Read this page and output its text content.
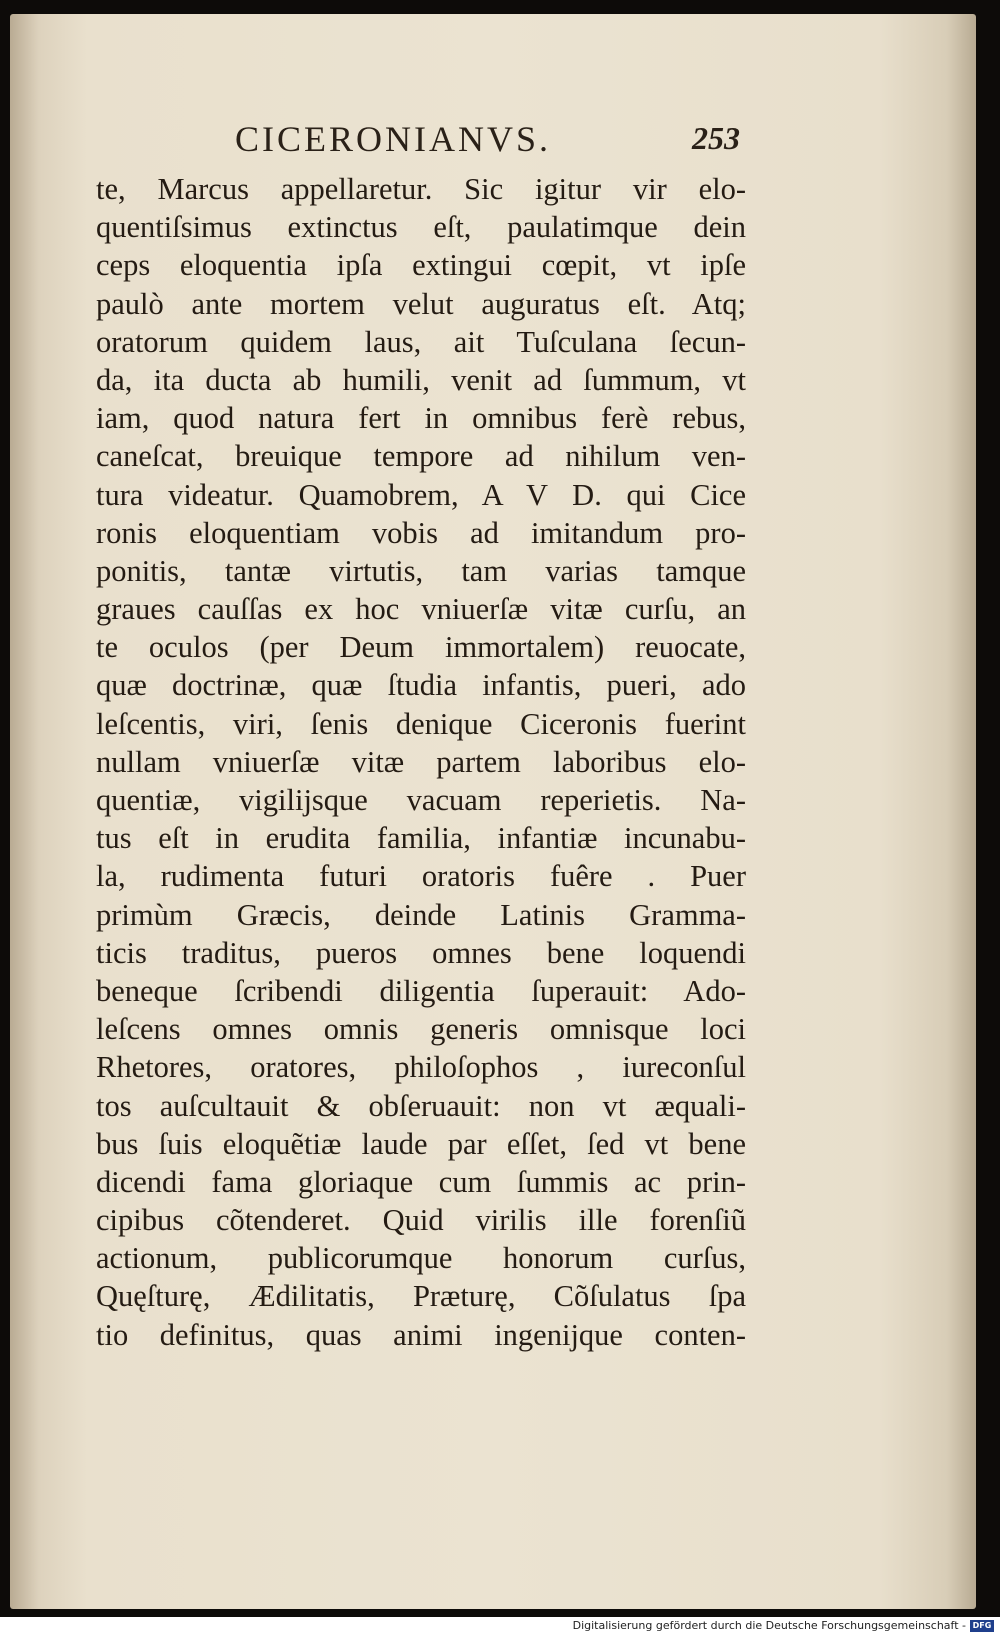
CICERONIANVS.	253
te, Marcus appellaretur. Sic igitur vir elo-
quentiſsimus extinctus eſt, paulatimque dein
ceps eloquentia ipſa extingui cœpit, vt ipſe
paulò ante mortem velut auguratus eſt. Atq;
oratorum quidem laus, ait Tuſculana ſecun-
da, ita ducta ab humili, venit ad ſummum, vt
iam, quod natura fert in omnibus ferè rebus,
caneſcat, breuique tempore ad nihilum ven-
tura videatur. Quamobrem, A V D. qui Cice
ronis eloquentiam vobis ad imitandum pro-
ponitis, tantæ virtutis, tam varias tamque
graues cauſſas ex hoc vniuerſæ vitæ curſu, an
te oculos (per Deum immortalem) reuocate,
quæ doctrinæ, quæ ſtudia infantis, pueri, ado
leſcentis, viri, ſenis denique Ciceronis fuerint
nullam vniuerſæ vitæ partem laboribus elo-
quentiæ, vigilijsque vacuam reperietis. Na-
tus eſt in erudita familia, infantiæ incunabu-
la, rudimenta futuri oratoris fuêre . Puer
primùm Græcis, deinde Latinis Gramma-
ticis traditus, pueros omnes bene loquendi
beneque ſcribendi diligentia ſuperauit: Ado-
leſcens omnes omnis generis omnisque loci
Rhetores, oratores, philoſophos , iureconſul
tos auſcultauit & obſeruauit: non vt æquali-
bus ſuis eloquẽtiæ laude par eſſet, ſed vt bene
dicendi fama gloriaque cum ſummis ac prin-
cipibus cõtenderet. Quid virilis ille forenſiũ
actionum, publicorumque honorum curſus,
Quęſturę, Ædilitatis, Præturę, Cõſulatus ſpa
tio definitus, quas animi ingenijque conten-
Digitalisierung gefördert durch die Deutsche Forschungsgemeinschaft - DFG
